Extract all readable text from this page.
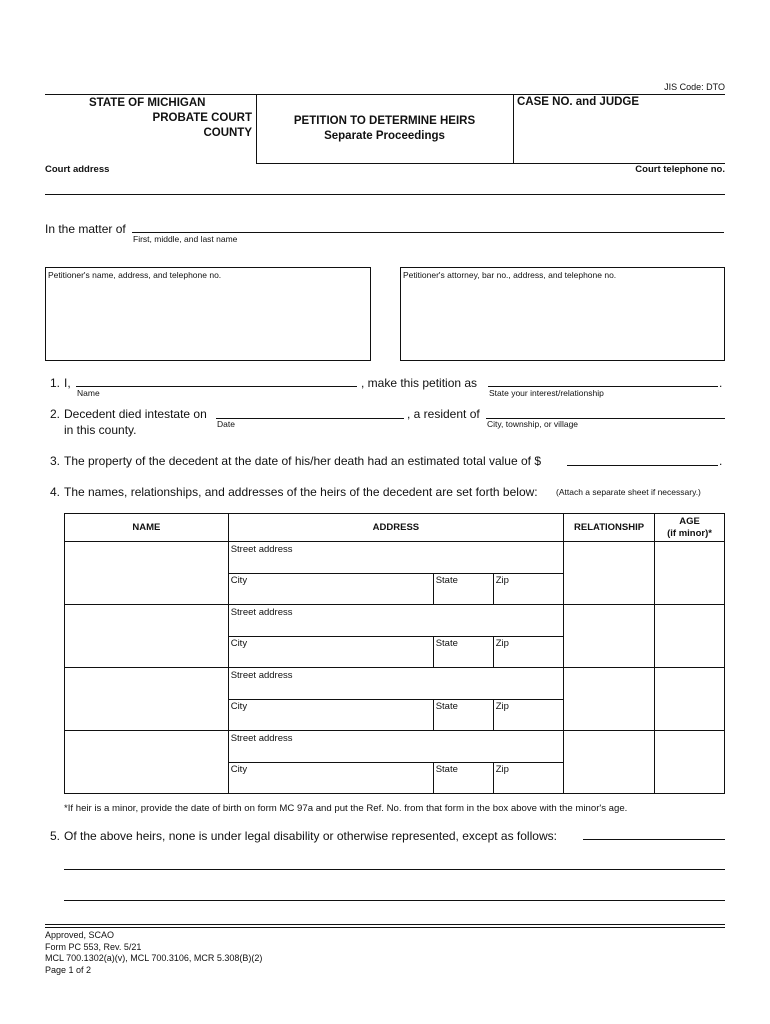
JIS Code: DTO
STATE OF MICHIGAN
PROBATE COURT
COUNTY
PETITION TO DETERMINE HEIRS
Separate Proceedings
CASE NO. and JUDGE
Court address	Court telephone no.
In the matter of
First, middle, and last name
Petitioner's name, address, and telephone no.	Petitioner's attorney, bar no., address, and telephone no.
1. I,	, make this petition as	.
Name	State your interest/relationship
2. Decedent died intestate on	, a resident of
in this county.	Date	City, township, or village
3. The property of the decedent at the date of his/her death had an estimated total value of $	.
4. The names, relationships, and addresses of the heirs of the decedent are set forth below: (Attach a separate sheet if necessary.)
NAME	ADDRESS	RELATIONSHIP	AGE
(if minor)*

	Street address
City State Zip		

	Street address
City State Zip		

	Street address
City State Zip		

	Street address
City State Zip		

*If heir is a minor, provide the date of birth on form MC 97a and put the Ref. No. from that form in the box above with the minor's age.
5. Of the above heirs, none is under legal disability or otherwise represented, except as follows:
Approved, SCAO
Form PC 553, Rev. 5/21
MCL 700.1302(a)(v), MCL 700.3106, MCR 5.308(B)(2)
Page 1 of 2
